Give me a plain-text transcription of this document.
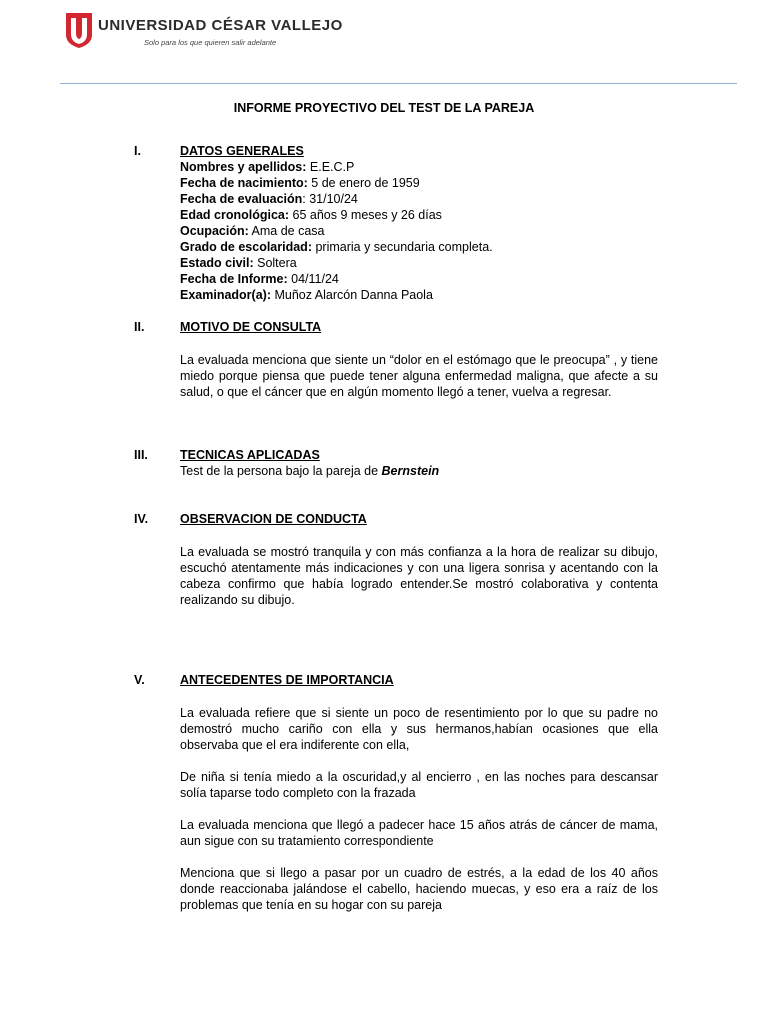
UNIVERSIDAD CÉSAR VALLEJO
Solo para los que quieren salir adelante
INFORME PROYECTIVO DEL TEST DE LA PAREJA
I.	DATOS GENERALES
Nombres y apellidos: E.E.C.P
Fecha de nacimiento: 5 de enero de 1959
Fecha de evaluación: 31/10/24
Edad cronológica: 65 años 9 meses y 26 días
Ocupación: Ama de casa
Grado de escolaridad: primaria y secundaria completa.
Estado civil: Soltera
Fecha de Informe: 04/11/24
Examinador(a): Muñoz Alarcón Danna Paola
II.	MOTIVO DE CONSULTA
La evaluada menciona que siente un “dolor en el estómago que le preocupa” , y tiene miedo porque piensa que puede tener alguna enfermedad maligna, que afecte a su salud, o que el cáncer que en algún momento llegó a tener, vuelva a regresar.
III.	TECNICAS APLICADAS
Test de la persona bajo la pareja de Bernstein
IV.	OBSERVACION DE CONDUCTA
La evaluada se mostró tranquila y con más confianza a la hora de realizar su dibujo, escuchó atentamente más indicaciones y con una ligera sonrisa y acentando con la cabeza confirmo que había logrado entender.Se mostró colaborativa y contenta realizando su dibujo.
V.	ANTECEDENTES DE IMPORTANCIA
La evaluada refiere que si siente un poco de resentimiento por lo que su padre no demostró mucho cariño con ella y sus hermanos,habían ocasiones que ella observaba que el era indiferente con ella,
De niña si tenía miedo a la oscuridad,y al encierro , en las noches para descansar solía taparse todo completo con la frazada
La evaluada menciona que llegó a padecer hace 15 años atrás de cáncer de mama, aun sigue con su tratamiento correspondiente
Menciona que si llego a pasar por un cuadro de estrés, a la edad de los 40 años donde reaccionaba jalándose el cabello, haciendo muecas, y eso era a raíz de los problemas que tenía en su hogar con su pareja
